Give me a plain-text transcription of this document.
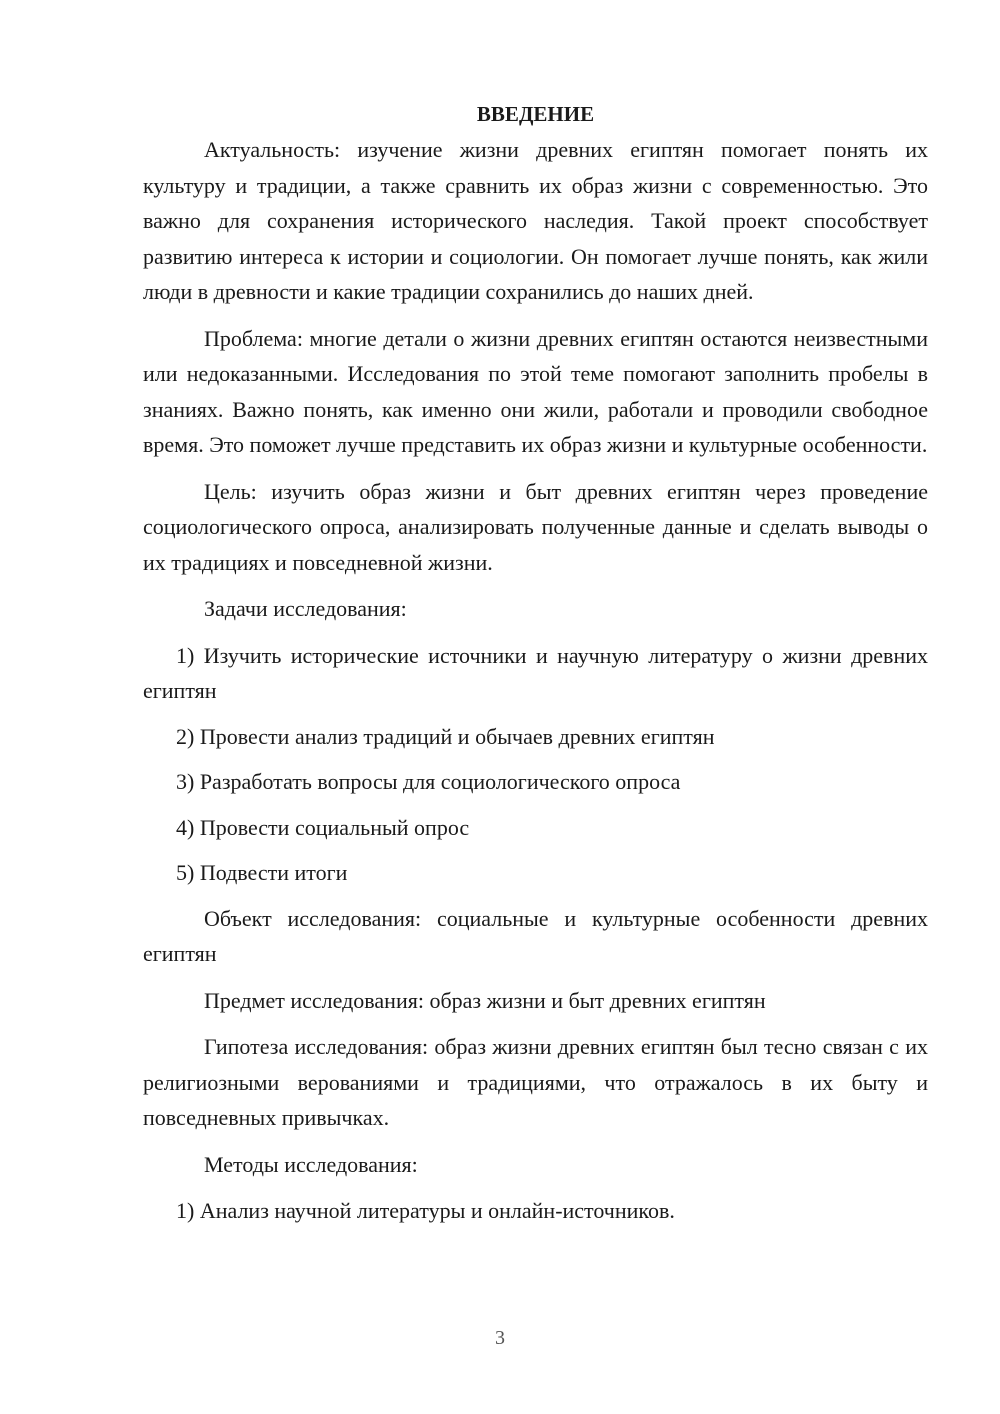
ВВЕДЕНИЕ

Актуальность: изучение жизни древних египтян помогает понять их культуру и традиции, а также сравнить их образ жизни с современностью. Это важно для сохранения исторического наследия. Такой проект способствует развитию интереса к истории и социологии. Он помогает лучше понять, как жили люди в древности и какие традиции сохранились до наших дней.

Проблема: многие детали о жизни древних египтян остаются неизвестными или недоказанными. Исследования по этой теме помогают заполнить пробелы в знаниях. Важно понять, как именно они жили, работали и проводили свободное время. Это поможет лучше представить их образ жизни и культурные особенности.

Цель: изучить образ жизни и быт древних египтян через проведение социологического опроса, анализировать полученные данные и сделать выводы о их традициях и повседневной жизни.

Задачи исследования:

1) Изучить исторические источники и научную литературу о жизни древних египтян

2) Провести анализ традиций и обычаев древних египтян

3) Разработать вопросы для социологического опроса

4) Провести социальный опрос

5) Подвести итоги

Объект исследования: социальные и культурные особенности древних египтян

Предмет исследования: образ жизни и быт древних египтян

Гипотеза исследования: образ жизни древних египтян был тесно связан с их религиозными верованиями и традициями, что отражалось в их быту и повседневных привычках.

Методы исследования:

1) Анализ научной литературы и онлайн-источников.

3
